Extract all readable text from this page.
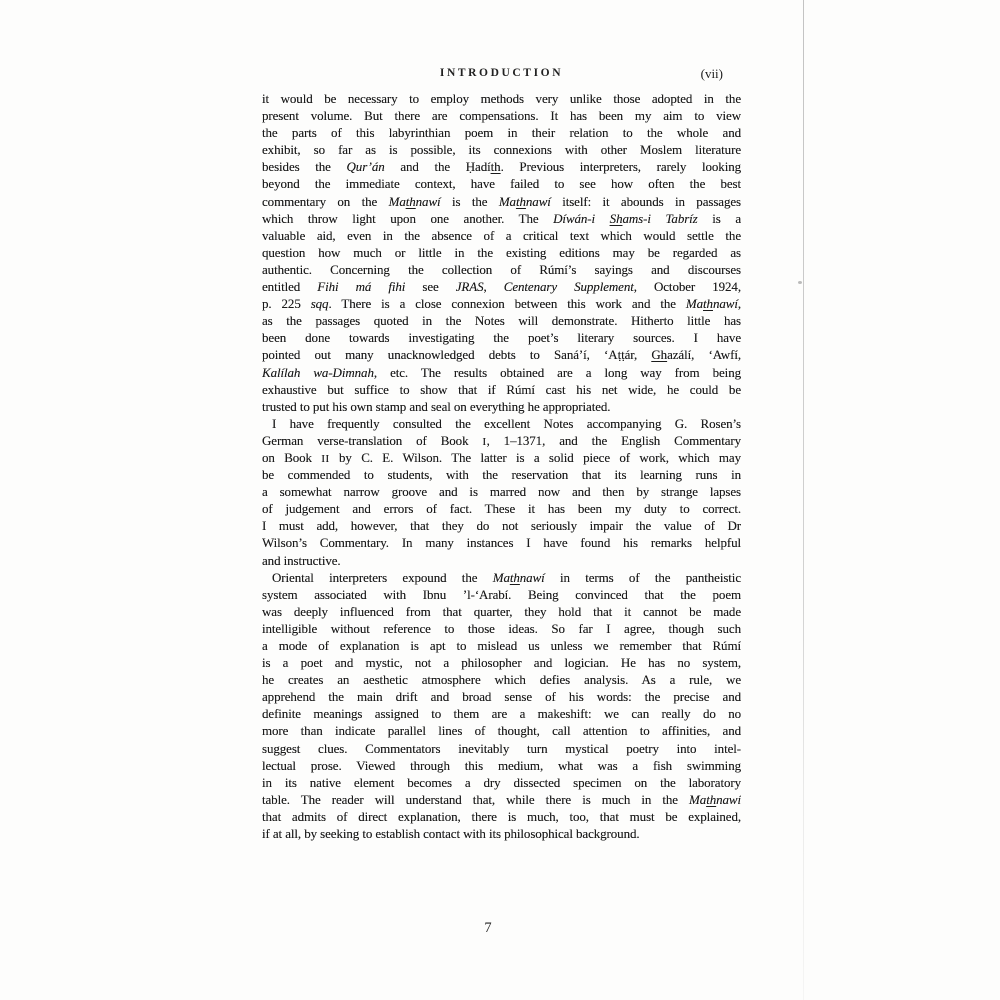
INTRODUCTION	(vii)
it would be necessary to employ methods very unlike those adopted in the
present volume. But there are compensations. It has been my aim to view
the parts of this labyrinthian poem in their relation to the whole and
exhibit, so far as is possible, its connexions with other Moslem literature
besides the Qur’án and the Ḥadíth. Previous interpreters, rarely looking
beyond the immediate context, have failed to see how often the best
commentary on the Mathnawí is the Mathnawí itself: it abounds in passages
which throw light upon one another. The Díwán-i Shams-i Tabríz is a
valuable aid, even in the absence of a critical text which would settle the
question how much or little in the existing editions may be regarded as
authentic. Concerning the collection of Rúmí’s sayings and discourses
entitled Fihi má fihi see JRAS, Centenary Supplement, October 1924,
p. 225 sqq. There is a close connexion between this work and the Mathnawí,
as the passages quoted in the Notes will demonstrate. Hitherto little has
been done towards investigating the poet’s literary sources. I have
pointed out many unacknowledged debts to Saná’í, ‘Aṭṭár, Ghazálí, ‘Awfí,
Kalílah wa-Dimnah, etc. The results obtained are a long way from being
exhaustive but suffice to show that if Rúmí cast his net wide, he could be
trusted to put his own stamp and seal on everything he appropriated.
I have frequently consulted the excellent Notes accompanying G. Rosen’s
German verse-translation of Book I, 1–1371, and the English Commentary
on Book II by C. E. Wilson. The latter is a solid piece of work, which may
be commended to students, with the reservation that its learning runs in
a somewhat narrow groove and is marred now and then by strange lapses
of judgement and errors of fact. These it has been my duty to correct.
I must add, however, that they do not seriously impair the value of Dr
Wilson’s Commentary. In many instances I have found his remarks helpful
and instructive.
Oriental interpreters expound the Mathnawí in terms of the pantheistic
system associated with Ibnu ’l-‘Arabí. Being convinced that the poem
was deeply influenced from that quarter, they hold that it cannot be made
intelligible without reference to those ideas. So far I agree, though such
a mode of explanation is apt to mislead us unless we remember that Rúmí
is a poet and mystic, not a philosopher and logician. He has no system,
he creates an aesthetic atmosphere which defies analysis. As a rule, we
apprehend the main drift and broad sense of his words: the precise and
definite meanings assigned to them are a makeshift: we can really do no
more than indicate parallel lines of thought, call attention to affinities, and
suggest clues. Commentators inevitably turn mystical poetry into intel-
lectual prose. Viewed through this medium, what was a fish swimming
in its native element becomes a dry dissected specimen on the laboratory
table. The reader will understand that, while there is much in the Mathnawí
that admits of direct explanation, there is much, too, that must be explained,
if at all, by seeking to establish contact with its philosophical background.
7
